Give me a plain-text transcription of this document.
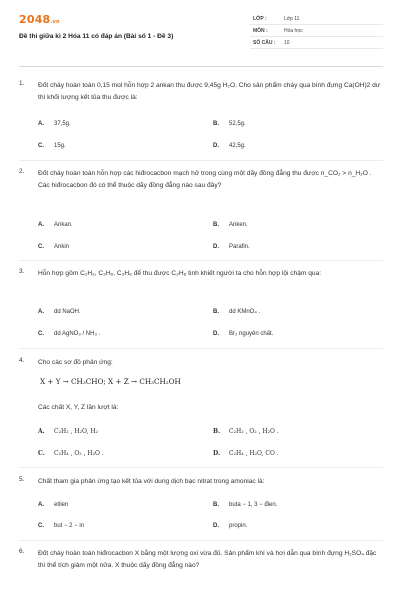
2048.vn
Đề thi giữa kì 2 Hóa 11 có đáp án (Bài số 1 - Đề 3)
LỚP :	Lớp 11
MÔN :	Hóa học
SỐ CÂU : 10
1. Đốt cháy hoàn toàn 0,15 mol hỗn hợp 2 ankan thu được 9,45g H₂O. Cho sản phẩm cháy qua bình đựng Ca(OH)2 dư thì khối lượng kết tủa thu được là:
A. 37,5g.	B. 52,5g.
C. 15g.	D. 42,5g.
2. Đốt cháy hoàn toàn hỗn hợp các hiđrocacbon mạch hở trong cùng một dãy đồng đẳng thu được n_CO₂ > n_H₂O . Các hiđrocacbon đó có thể thuộc dãy đồng đẳng nào sau đây?
A. Ankan.	B. Anken.
C. Ankin	D. Parafin.
3. Hỗn hợp gồm C₂H₂, C₃H₆, C₃H₈ để thu được C₃H₈ tinh khiết người ta cho hỗn hợp lội chậm qua:
A. dd NaOH.	B. dd KMnO₄ .
C. dd AgNO₃ / NH₃ .	D. Br₂ nguyên chất.
4. Cho các sơ đồ phản ứng:
X + Y → CH₃CHO; X + Z → CH₃CH₂OH
Các chất X, Y, Z lần lượt là:
A. C₂H₂ , H₂O, H₂	B. C₂H₂ , O₂ , H₂O .
C. C₂H₄ , O₂ , H₂O .	D. C₂H₄ , H₂O, CO .
5. Chất tham gia phản ứng tạo kết tủa với dung dịch bạc nitrat trong amoniac là:
A. etilen	B. buta − 1, 3 − đien.
C. but − 2 − in	D. propin.
6. Đốt cháy hoàn toàn hiđrocacbon X bằng một lượng oxi vừa đủ. Sản phẩm khí và hơi dẫn qua bình đựng H₂SO₄ đặc thì thể tích giảm một nửa. X thuộc dãy đồng đẳng nào?
